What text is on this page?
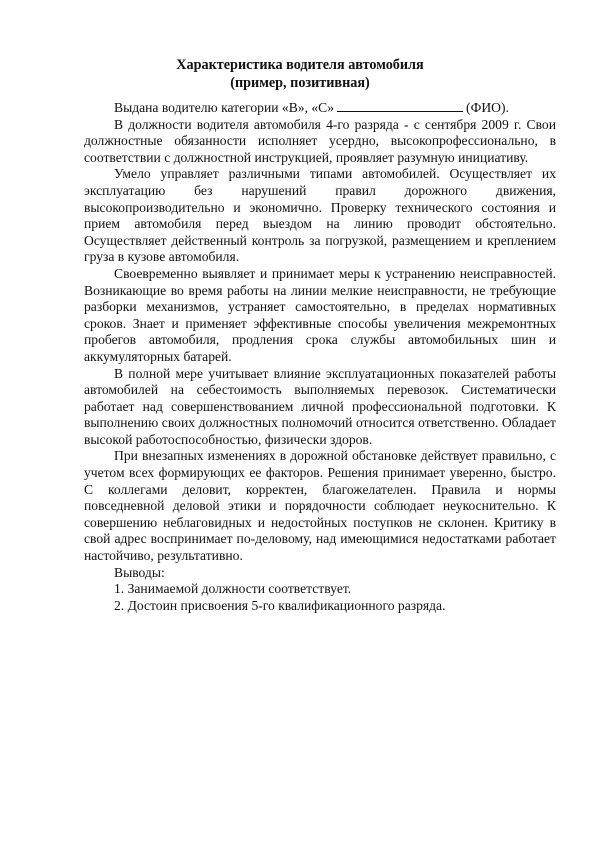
Характеристика водителя автомобиля
(пример, позитивная)

Выдана водителю категории «В», «С»	(ФИО).

В должности водителя автомобиля 4-го разряда - с сентября 2009 г. Свои должностные обязанности исполняет усердно, высокопрофессионально, в соответствии с должностной инструкцией, проявляет разумную инициативу.

Умело управляет различными типами автомобилей. Осуществляет их эксплуатацию без нарушений правил дорожного движения, высокопроизводительно и экономично. Проверку технического состояния и прием автомобиля перед выездом на линию проводит обстоятельно. Осуществляет действенный контроль за погрузкой, размещением и креплением груза в кузове автомобиля.

Своевременно выявляет и принимает меры к устранению неисправностей. Возникающие во время работы на линии мелкие неисправности, не требующие разборки механизмов, устраняет самостоятельно, в пределах нормативных сроков. Знает и применяет эффективные способы увеличения межремонтных пробегов автомобиля, продления срока службы автомобильных шин и аккумуляторных батарей.

В полной мере учитывает влияние эксплуатационных показателей работы автомобилей на себестоимость выполняемых перевозок. Систематически работает над совершенствованием личной профессиональной подготовки. К выполнению своих должностных полномочий относится ответственно. Обладает высокой работоспособностью, физически здоров.

При внезапных изменениях в дорожной обстановке действует правильно, с учетом всех формирующих ее факторов. Решения принимает уверенно, быстро. С коллегами деловит, корректен, благожелателен. Правила и нормы повседневной деловой этики и порядочности соблюдает неукоснительно. К совершению неблаговидных и недостойных поступков не склонен. Критику в свой адрес воспринимает по-деловому, над имеющимися недостатками работает настойчиво, результативно.

Выводы:

1. Занимаемой должности соответствует.

2. Достоин присвоения 5-го квалификационного разряда.
